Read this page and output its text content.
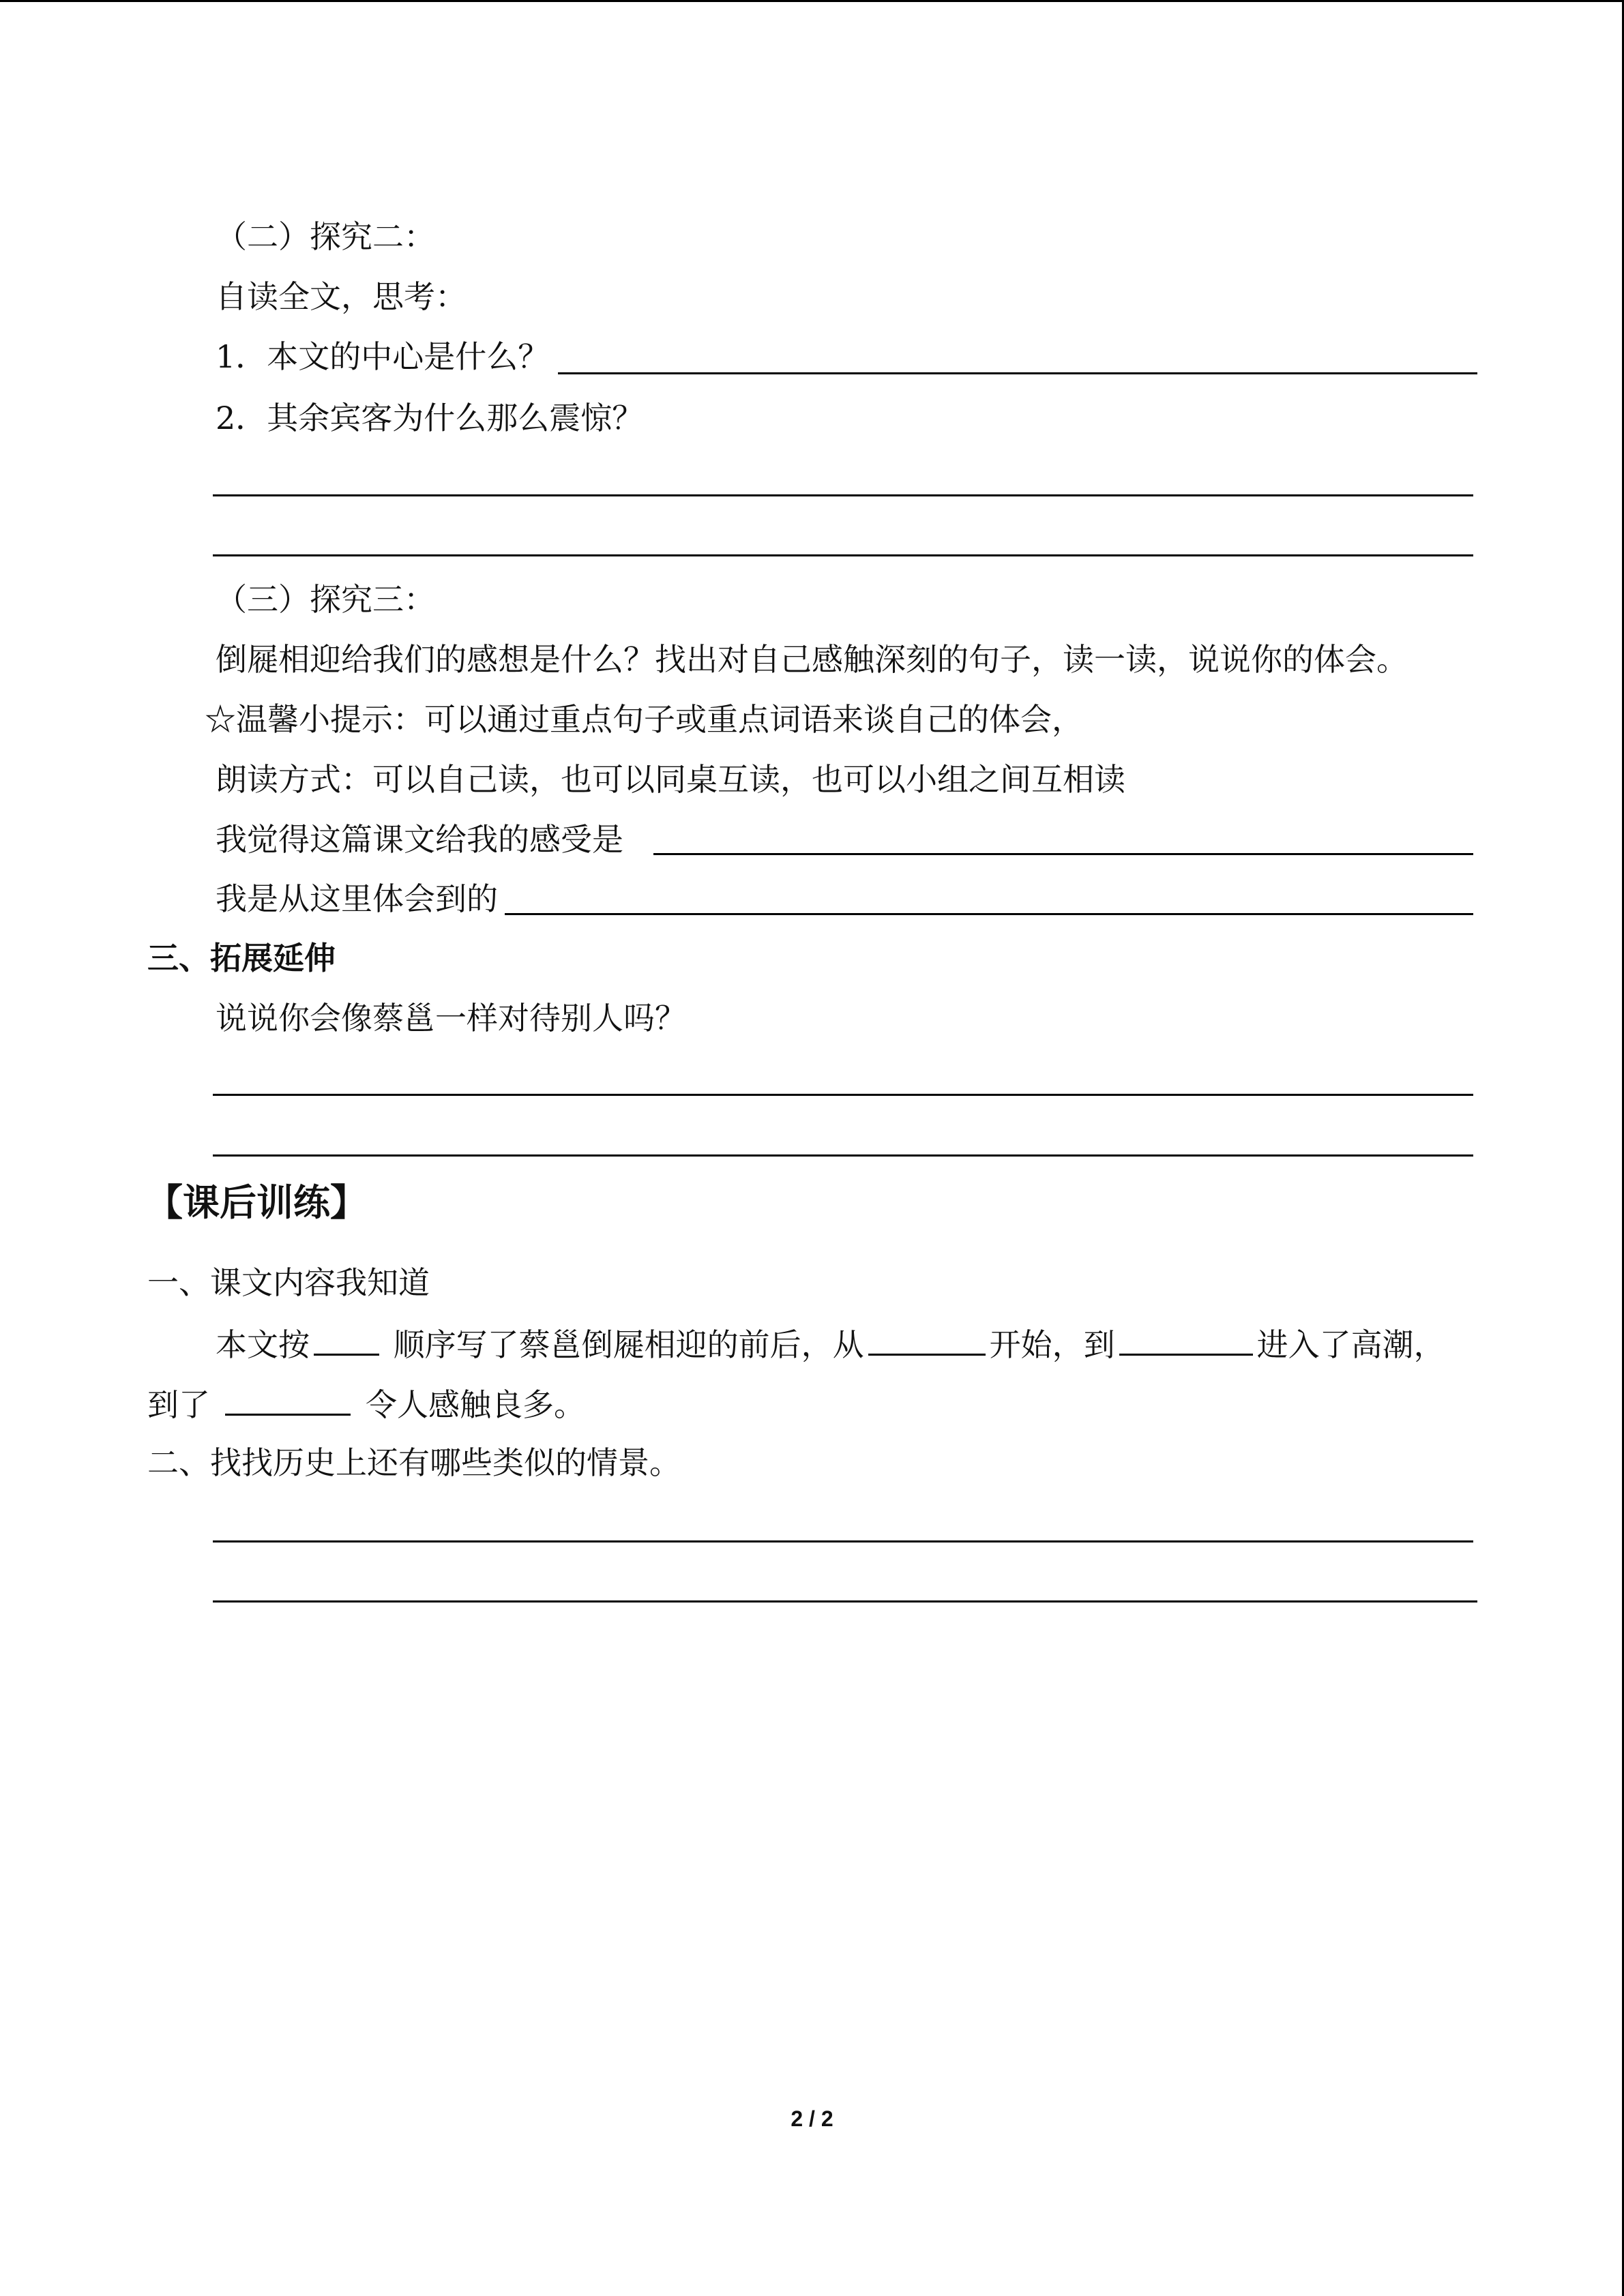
（二）探究二：
自读全文，思考：
1．本文的中心是什么？
2．其余宾客为什么那么震惊？
（三）探究三：
倒屣相迎给我们的感想是什么？找出对自己感触深刻的句子，读一读，说说你的体会。
☆温馨小提示：可以通过重点句子或重点词语来谈自己的体会，
朗读方式：可以自己读，也可以同桌互读，也可以小组之间互相读
我觉得这篇课文给我的感受是
我是从这里体会到的
三、拓展延伸
说说你会像蔡邕一样对待别人吗？
【课后训练】
一、课文内容我知道
本文按	顺序写了蔡邕倒屣相迎的前后，从	开始，到	进入了高潮，
到了	令人感触良多。
二、找找历史上还有哪些类似的情景。
2 / 2
